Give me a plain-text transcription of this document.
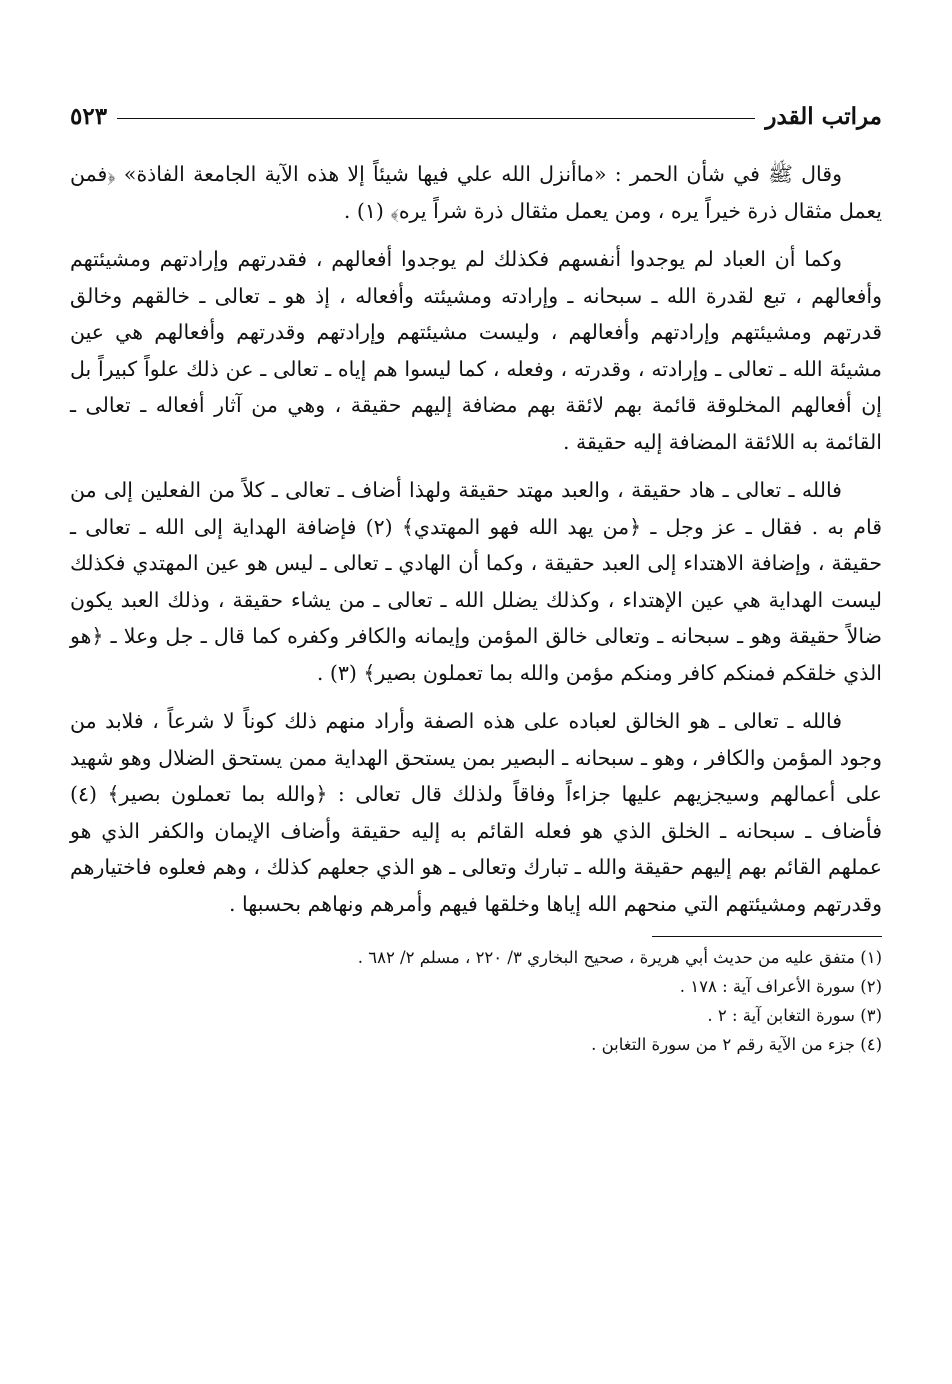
مراتب القدر
٥٢٣

وقال ﷺ في شأن الحمر : «ماأنزل الله علي فيها شيئاً إلا هذه الآية الجامعة الفاذة» ﴿فمن يعمل مثقال ذرة خيراً يره ، ومن يعمل مثقال ذرة شراً يره﴾ (١) .

وكما أن العباد لم يوجدوا أنفسهم فكذلك لم يوجدوا أفعالهم ، فقدرتهم وإرادتهم ومشيئتهم وأفعالهم ، تبع لقدرة الله ـ سبحانه ـ وإرادته ومشيئته وأفعاله ، إذ هو ـ تعالى ـ خالقهم وخالق قدرتهم ومشيئتهم وإرادتهم وأفعالهم ، وليست مشيئتهم وإرادتهم وقدرتهم وأفعالهم هي عين مشيئة الله ـ تعالى ـ وإرادته ، وقدرته ، وفعله ، كما ليسوا هم إياه ـ تعالى ـ عن ذلك علواً كبيراً بل إن أفعالهم المخلوقة قائمة بهم لائقة بهم مضافة إليهم حقيقة ، وهي من آثار أفعاله ـ تعالى ـ القائمة به اللائقة المضافة إليه حقيقة .

فالله ـ تعالى ـ هاد حقيقة ، والعبد مهتد حقيقة ولهذا أضاف ـ تعالى ـ كلاً من الفعلين إلى من قام به . فقال ـ عز وجل ـ ﴿من يهد الله فهو المهتدي﴾ (٢) فإضافة الهداية إلى الله ـ تعالى ـ حقيقة ، وإضافة الاهتداء إلى العبد حقيقة ، وكما أن الهادي ـ تعالى ـ ليس هو عين المهتدي فكذلك ليست الهداية هي عين الإهتداء ، وكذلك يضلل الله ـ تعالى ـ من يشاء حقيقة ، وذلك العبد يكون ضالاً حقيقة وهو ـ سبحانه ـ وتعالى خالق المؤمن وإيمانه والكافر وكفره كما قال ـ جل وعلا ـ ﴿هو الذي خلقكم فمنكم كافر ومنكم مؤمن والله بما تعملون بصير﴾ (٣) .

فالله ـ تعالى ـ هو الخالق لعباده على هذه الصفة وأراد منهم ذلك كوناً لا شرعاً ، فلابد من وجود المؤمن والكافر ، وهو ـ سبحانه ـ البصير بمن يستحق الهداية ممن يستحق الضلال وهو شهيد على أعمالهم وسيجزيهم عليها جزاءاً وفاقاً ولذلك قال تعالى : ﴿والله بما تعملون بصير﴾ (٤) فأضاف ـ سبحانه ـ الخلق الذي هو فعله القائم به إليه حقيقة وأضاف الإيمان والكفر الذي هو عملهم القائم بهم إليهم حقيقة والله ـ تبارك وتعالى ـ هو الذي جعلهم كذلك ، وهم فعلوه فاختيارهم وقدرتهم ومشيئتهم التي منحهم الله إياها وخلقها فيهم وأمرهم ونهاهم بحسبها .

(١) متفق عليه من حديث أبي هريرة ، صحيح البخاري ٣/ ٢٢٠ ، مسلم ٢/ ٦٨٢ .

(٢) سورة الأعراف آية : ١٧٨ .

(٣) سورة التغابن آية : ٢ .

(٤) جزء من الآية رقم ٢ من سورة التغابن .
